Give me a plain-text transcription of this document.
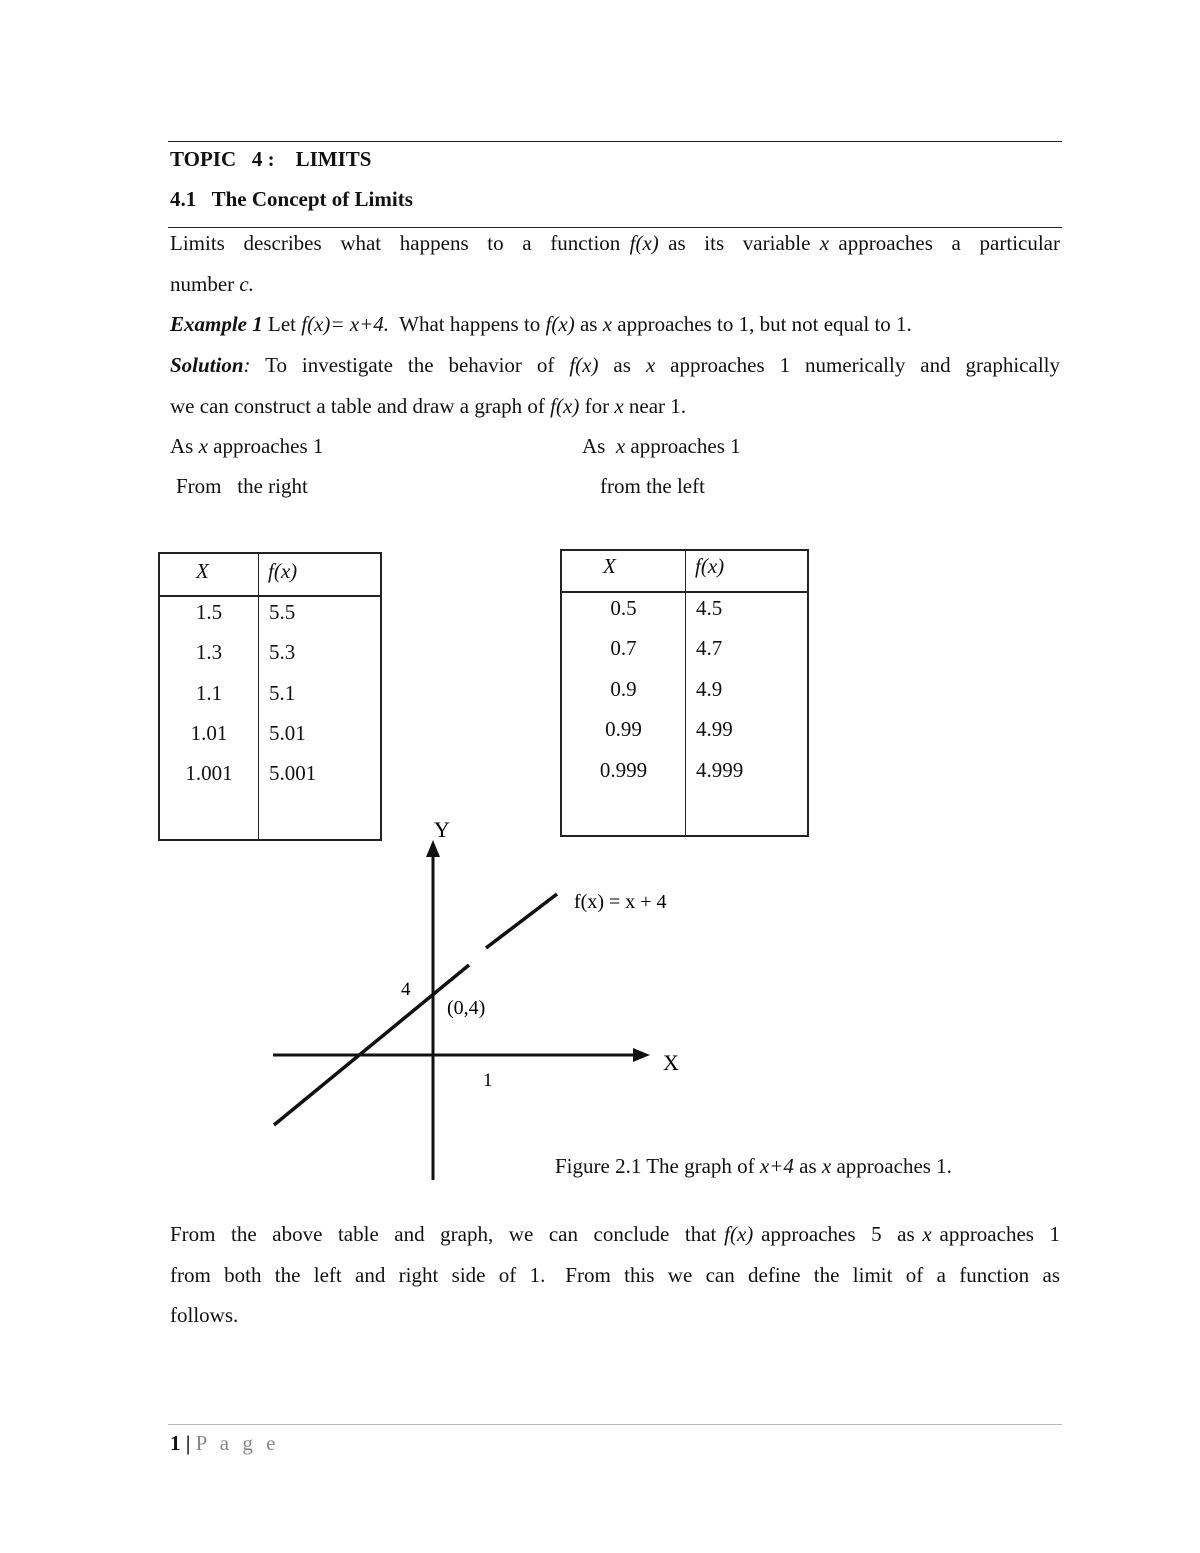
TOPIC   4 :    LIMITS
4.1   The Concept of Limits
Limits  describes  what  happens  to  a  function f(x) as  its  variable x approaches  a  particular
number c.
Example 1 Let f(x)= x+4.  What happens to f(x) as x approaches to 1, but not equal to 1.
Solution: To investigate the behavior of f(x) as x approaches 1 numerically and graphically
we can construct a table and draw a graph of f(x) for x near 1.
As x approaches 1
From   the right
As  x approaches 1
from the left
X	f(x)
1.5	5.5
1.3	5.3
1.1	5.1
1.01	5.01
1.001	5.001
X	f(x)
0.5	4.5
0.7	4.7
0.9	4.9
0.99	4.99
0.999	4.999
Y
X
4
1
(0,4)
f(x) = x + 4
Figure 2.1 The graph of x+4 as x approaches 1.
From  the  above  table  and  graph,  we  can  conclude  that f(x) approaches  5  as x approaches  1
from  both  the  left  and  right  side  of  1.   From  this  we  can  define  the  limit  of  a  function  as
follows.
1 | P a g e
